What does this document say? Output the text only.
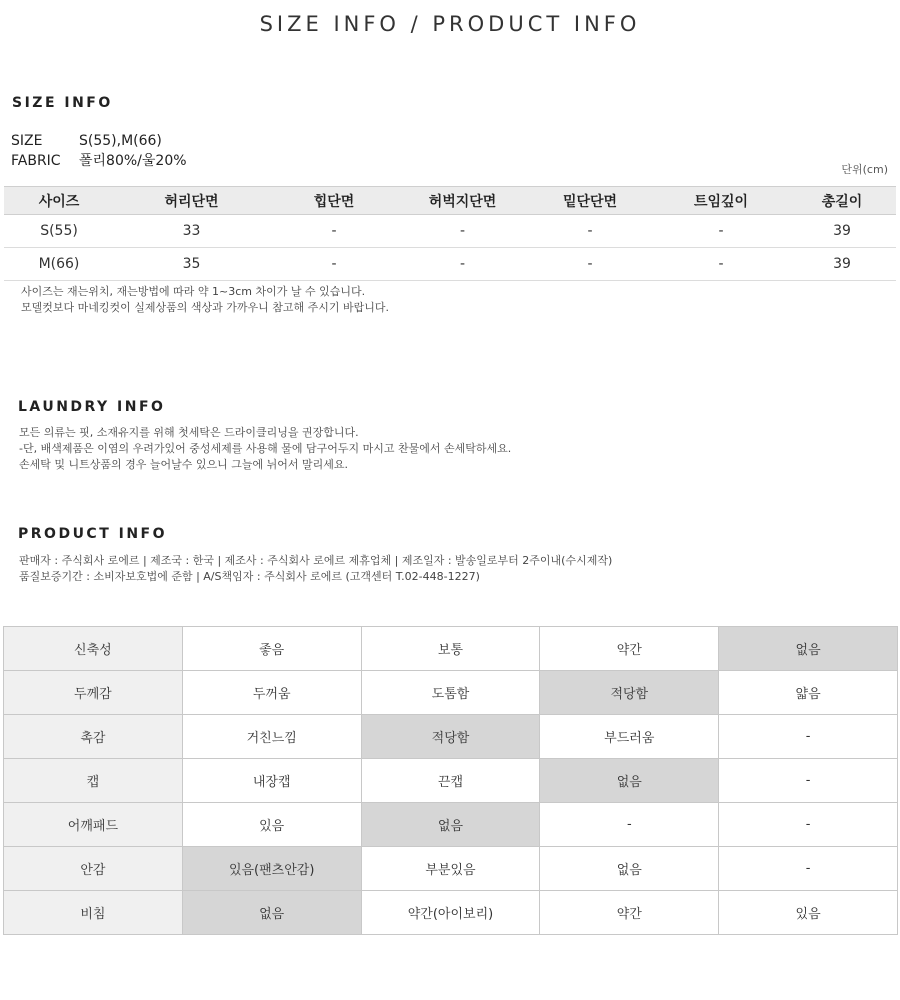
SIZE INFO / PRODUCT INFO
SIZE INFO
SIZE	S(55),M(66)
FABRIC 폴리80%/울20%
단위(cm)
사이즈	허리단면	힙단면	허벅지단면	밑단단면	트임깊이	총길이
S(55)	33	-	-	-	-	39
M(66)	35	-	-	-	-	39
사이즈는 재는위치, 재는방법에 따라 약 1~3cm 차이가 날 수 있습니다.
모델컷보다 마네킹컷이 실제상품의 색상과 가까우니 참고해 주시기 바랍니다.
LAUNDRY INFO
모든 의류는 핏, 소재유지를 위해 첫세탁은 드라이클리닝을 권장합니다.
-단, 배색제품은 이염의 우려가있어 중성세제를 사용해 물에 담구어두지 마시고 찬물에서 손세탁하세요.
손세탁 및 니트상품의 경우 늘어날수 있으니 그늘에 뉘어서 말리세요.
PRODUCT INFO
판매자 : 주식회사 로에르 | 제조국 : 한국 | 제조사 : 주식회사 로에르 제휴업체 | 제조일자 : 발송일로부터 2주이내(수시제작)
품질보증기간 : 소비자보호법에 준함 | A/S책임자 : 주식회사 로에르 (고객센터 T.02-448-1227)
신축성	좋음	보통	약간	없음
두께감	두꺼움	도톰함	적당함	얇음
촉감	거친느낌	적당함	부드러움	-
캡	내장캡	끈캡	없음	-
어깨패드	있음	없음	-	-
안감	있음(팬츠안감)	부분있음	없음	-
비침	없음	약간(아이보리)	약간	있음
